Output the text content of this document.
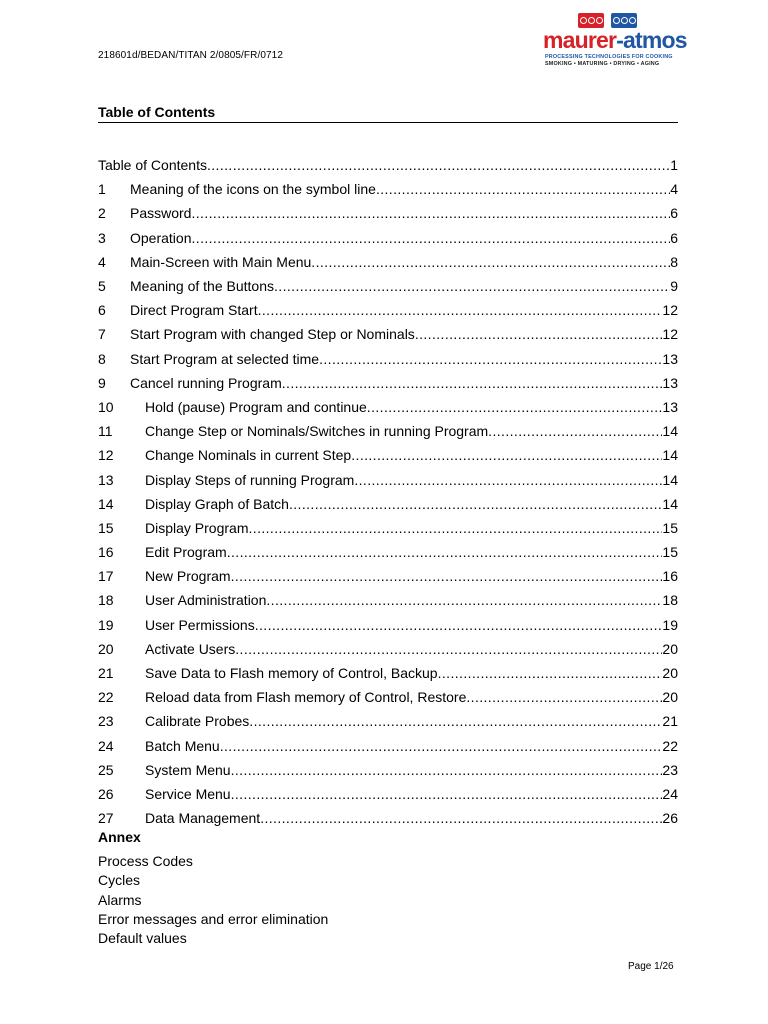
218601d/BEDAN/TITAN 2/0805/FR/0712
maurer-atmos
PROCESSING TECHNOLOGIES FOR COOKING
SMOKING • MATURING • DRYING • AGING
Table of Contents
Table of Contents .....	1
1	Meaning of the icons on the symbol line .....	4
2	Password .....	6
3	Operation .....	6
4	Main-Screen with Main Menu .....	8
5	Meaning of the Buttons .....	9
6	Direct Program Start .....	12
7	Start Program with changed Step or Nominals .....	12
8	Start Program at selected time .....	13
9	Cancel running Program .....	13
10	Hold (pause) Program and continue .....	13
11	Change Step or Nominals/Switches in running Program .....	14
12	Change Nominals in current Step .....	14
13	Display Steps of running Program .....	14
14	Display Graph of Batch .....	14
15	Display Program .....	15
16	Edit Program .....	15
17	New Program .....	16
18	User Administration .....	18
19	User Permissions .....	19
20	Activate Users .....	20
21	Save Data to Flash memory of Control, Backup .....	20
22	Reload data from Flash memory of Control, Restore .....	20
23	Calibrate Probes .....	21
24	Batch Menu .....	22
25	System Menu .....	23
26	Service Menu .....	24
27	Data Management .....	26
Annex
Process Codes
Cycles
Alarms
Error messages and error elimination
Default values
Page 1/26
